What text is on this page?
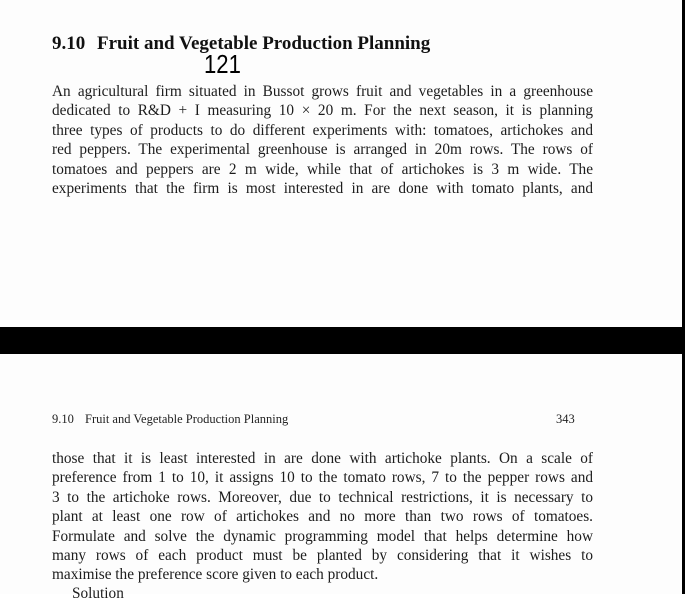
9.10 Fruit and Vegetable Production Planning
121

An agricultural firm situated in Bussot grows fruit and vegetables in a greenhouse
dedicated to R&D + I measuring 10 × 20 m. For the next season, it is planning
three types of products to do different experiments with: tomatoes, artichokes and
red peppers. The experimental greenhouse is arranged in 20m rows. The rows of
tomatoes and peppers are 2 m wide, while that of artichokes is 3 m wide. The
experiments that the firm is most interested in are done with tomato plants, and

9.10 Fruit and Vegetable Production Planning	343

those that it is least interested in are done with artichoke plants. On a scale of
preference from 1 to 10, it assigns 10 to the tomato rows, 7 to the pepper rows and
3 to the artichoke rows. Moreover, due to technical restrictions, it is necessary to
plant at least one row of artichokes and no more than two rows of tomatoes.
Formulate and solve the dynamic programming model that helps determine how
many rows of each product must be planted by considering that it wishes to
maximise the preference score given to each product.

Solution
